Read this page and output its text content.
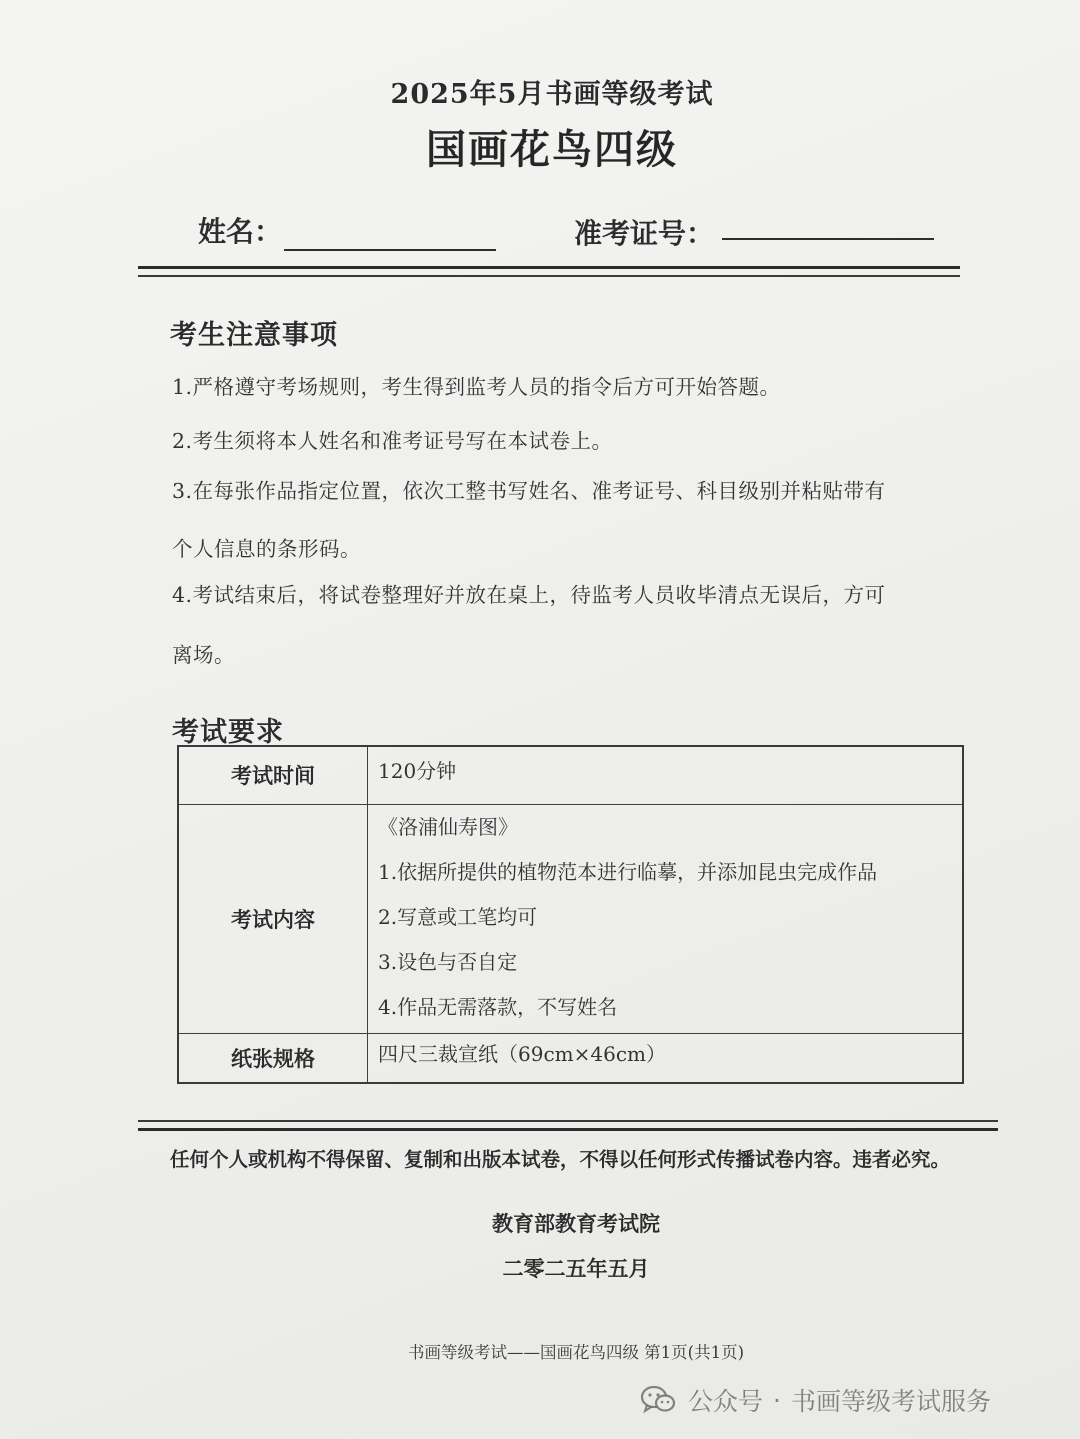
2025年5月书画等级考试
国画花鸟四级
姓名：	准考证号：
考生注意事项
1.严格遵守考场规则，考生得到监考人员的指令后方可开始答题。
2.考生须将本人姓名和准考证号写在本试卷上。
3.在每张作品指定位置，依次工整书写姓名、准考证号、科目级别并粘贴带有
个人信息的条形码。
4.考试结束后，将试卷整理好并放在桌上，待监考人员收毕清点无误后，方可
离场。
考试要求
考试时间	120分钟
考试内容	《洛浦仙寿图》
1.依据所提供的植物范本进行临摹，并添加昆虫完成作品
2.写意或工笔均可
3.设色与否自定
4.作品无需落款，不写姓名

纸张规格	四尺三裁宣纸（69cm×46cm）
任何个人或机构不得保留、复制和出版本试卷，不得以任何形式传播试卷内容。违者必究。
教育部教育考试院
二零二五年五月
书画等级考试——国画花鸟四级 第1页(共1页)
公众号 · 书画等级考试服务
